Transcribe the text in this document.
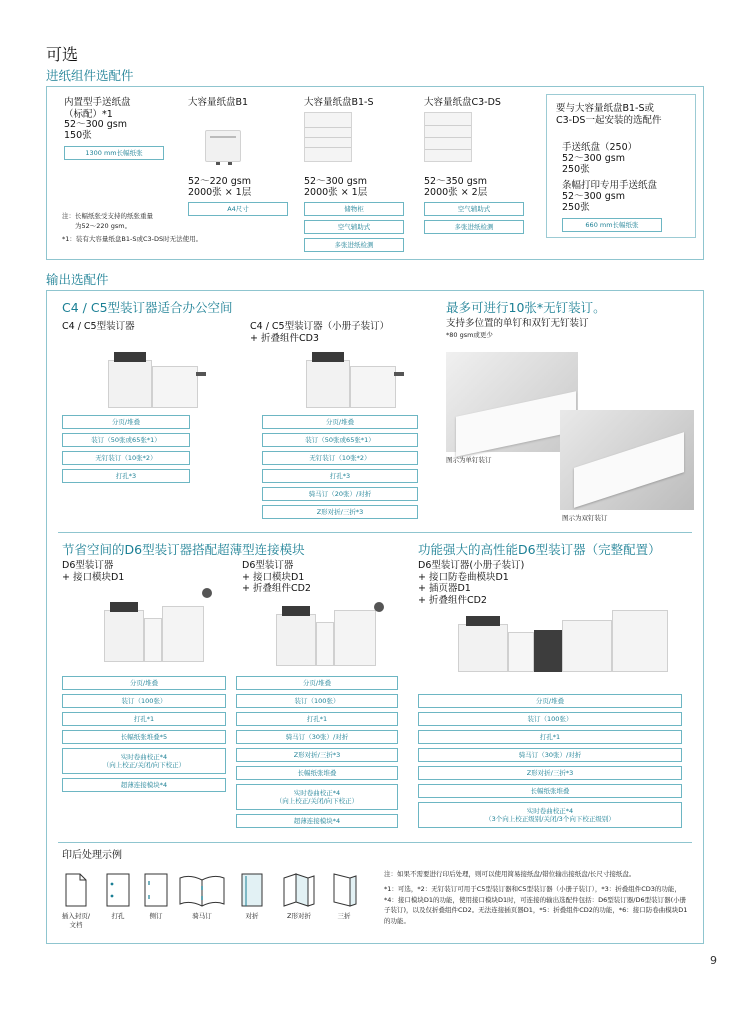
可选
进纸组件选配件
内置型手送纸盘
（标配）*1
52～300 gsm
150张
1300 mm长幅纸张
大容量纸盘B1
52～220 gsm
2000张 × 1层
A4尺寸
大容量纸盘B1-S
52～300 gsm
2000张 × 1层
储物柜
空气辅助式
多张进纸检测
大容量纸盘C3-DS
52～350 gsm
2000张 × 2层
空气辅助式
多张进纸检测
要与大容量纸盘B1-S或
C3-DS一起安装的选配件
手送纸盘（250）
52～300 gsm
250张
条幅打印专用手送纸盘
52～300 gsm
250张
660 mm长幅纸张
注：长幅纸张受支持的纸张重量
　　为52～220 gsm。
*1：装有大容量纸盘B1-S或C3-DS时无法使用。
输出选配件
C4 / C5型装订器适合办公空间
C4 / C5型装订器	C4 / C5型装订器（小册子装订）
+ 折叠组件CD3
分页/堆叠
装订（50张或65张*1）
无钉装订（10张*2）
打孔*3
分页/堆叠
装订（50张或65张*1）
无钉装订（10张*2）
打孔*3
骑马订（20张）/对折
Z形对折/三折*3
最多可进行10张*无钉装订。
支持多位置的单钉和双钉无钉装订
*80 gsm或更少
图示为单钉装订
图示为双钉装订
节省空间的D6型装订器搭配超薄型连接模块
D6型装订器
+ 接口模块D1
D6型装订器
+ 接口模块D1
+ 折叠组件CD2
分页/堆叠
装订（100张）
打孔*1
长幅纸张堆叠*5
实时卷曲校正*4
（向上校正/关闭/向下校正）
超薄连接模块*4
分页/堆叠
装订（100张）
打孔*1
骑马订（30张）/对折
Z形对折/三折*3
长幅纸张堆叠
实时卷曲校正*4
（向上校正/关闭/向下校正）
超薄连接模块*4
功能强大的高性能D6型装订器（完整配置）
D6型装订器(小册子装订)
+ 接口防卷曲模块D1
+ 插页器D1
+ 折叠组件CD2
分页/堆叠
装订（100张）
打孔*1
骑马订（30张）/对折
Z形对折/三折*3
长幅纸张堆叠
实时卷曲校正*4
（3个向上校正级别/关闭/3个向下校正级别）
印后处理示例
插入封页/
文档
打孔	侧订	骑马订	对折	Z形对折	三折
注：如果不需要进行印后处理，则可以使用简易接纸盘/错位输出接纸盘/长尺寸接纸盘。
*1：可选，*2：无钉装订可用于C5型装订器和C5型装订器（小册子装订），*3：折叠组件CD3的功能，*4：接口模块D1的功能，使用接口模块D1时，可连接的输出选配件包括：D6型装订器/D6型装订器(小册子装订)，以及仅折叠组件CD2。无法连接插页器D1，*5：折叠组件CD2的功能，*6：接口防卷曲模块D1的功能。
9
